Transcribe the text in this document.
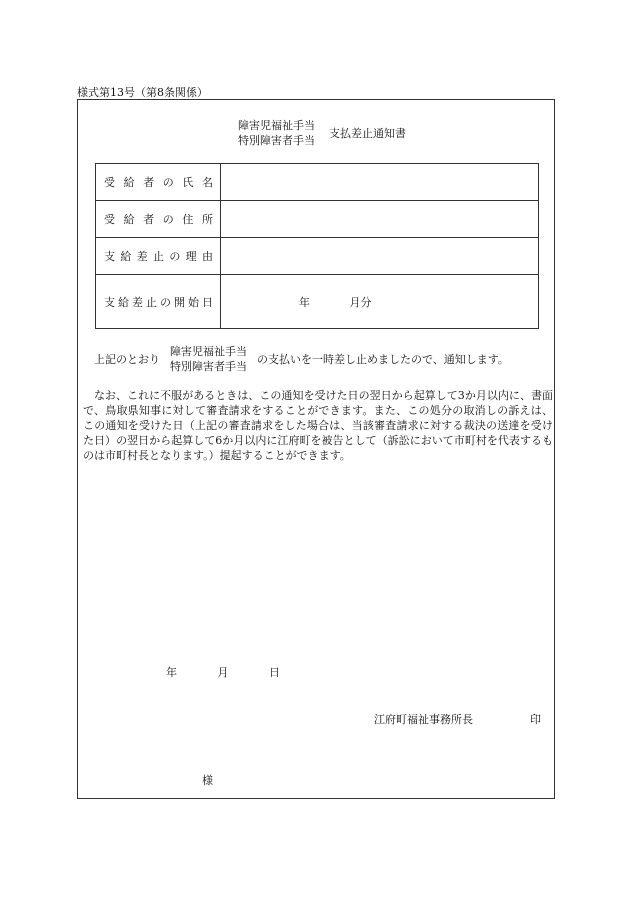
様式第13号（第8条関係）
障害児福祉手当
特別障害者手当
支払差止通知書
受給者の氏名	
受給者の住所	
支給差止の理由	
支給差止の開始日	年 月分
上記のとおり
障害児福祉手当
特別障害者手当
の支払いを一時差し止めましたので、通知します。

なお、これに不服があるときは、この通知を受けた日の翌日から起算して3か月以内に、書面で、鳥取県知事に対して審査請求をすることができます。また、この処分の取消しの訴えは、この通知を受けた日（上記の審査請求をした場合は、当該審査請求に対する裁決の送達を受けた日）の翌日から起算して6か月以内に江府町を被告として（訴訟において市町村を代表するものは市町村長となります。）提起することができます。

年	月	日
江府町福祉事務所長	印
様
